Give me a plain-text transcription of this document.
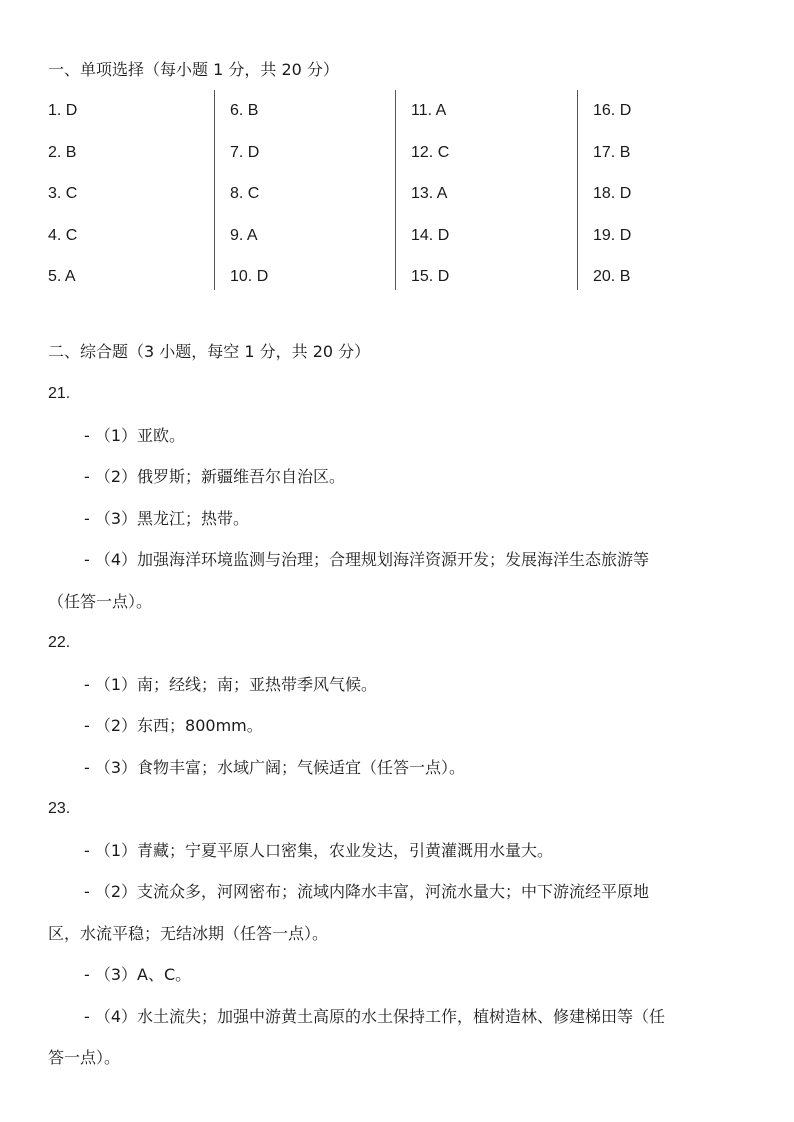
一、单项选择（每小题 1 分，共 20 分）
1. D
2. B
3. C
4. C
5. A
6. B
7. D
8. C
9. A
10. D
11. A
12. C
13. A
14. D
15. D
16. D
17. B
18. D
19. D
20. B
二、综合题（3 小题，每空 1 分，共 20 分）
21.
- （1）亚欧。
- （2）俄罗斯；新疆维吾尔自治区。
- （3）黑龙江；热带。
- （4）加强海洋环境监测与治理；合理规划海洋资源开发；发展海洋生态旅游等
（任答一点）。
22.
- （1）南；经线；南；亚热带季风气候。
- （2）东西；800mm。
- （3）食物丰富；水域广阔；气候适宜（任答一点）。
23.
- （1）青藏；宁夏平原人口密集，农业发达，引黄灌溉用水量大。
- （2）支流众多，河网密布；流域内降水丰富，河流水量大；中下游流经平原地
区，水流平稳；无结冰期（任答一点）。
- （3）A、C。
- （4）水土流失；加强中游黄土高原的水土保持工作，植树造林、修建梯田等（任
答一点）。
